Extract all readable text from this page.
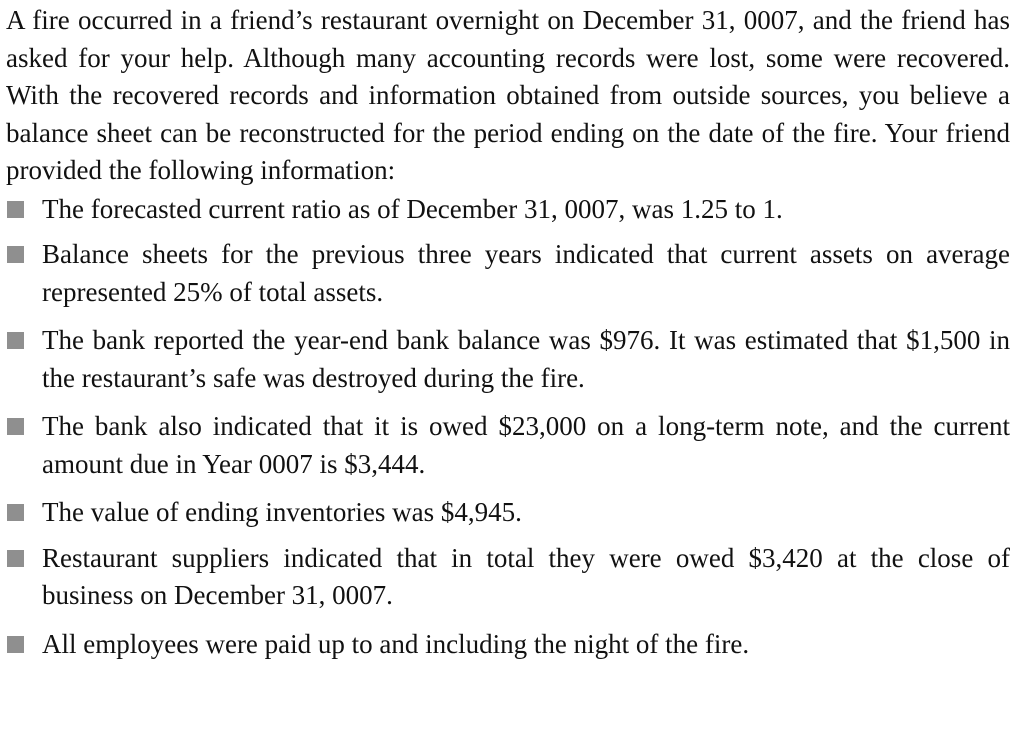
A fire occurred in a friend’s restaurant overnight on December 31, 0007, and the friend has asked for your help. Although many accounting records were lost, some were recovered. With the recovered records and information obtained from outside sources, you believe a balance sheet can be reconstructed for the period ending on the date of the fire. Your friend provided the following information:

The forecasted current ratio as of December 31, 0007, was 1.25 to 1.
Balance sheets for the previous three years indicated that current assets on average represented 25% of total assets.
The bank reported the year-end bank balance was $976. It was estimated that $1,500 in the restaurant’s safe was destroyed during the fire.
The bank also indicated that it is owed $23,000 on a long-term note, and the current amount due in Year 0007 is $3,444.
The value of ending inventories was $4,945.
Restaurant suppliers indicated that in total they were owed $3,420 at the close of business on December 31, 0007.
All employees were paid up to and including the night of the fire.
